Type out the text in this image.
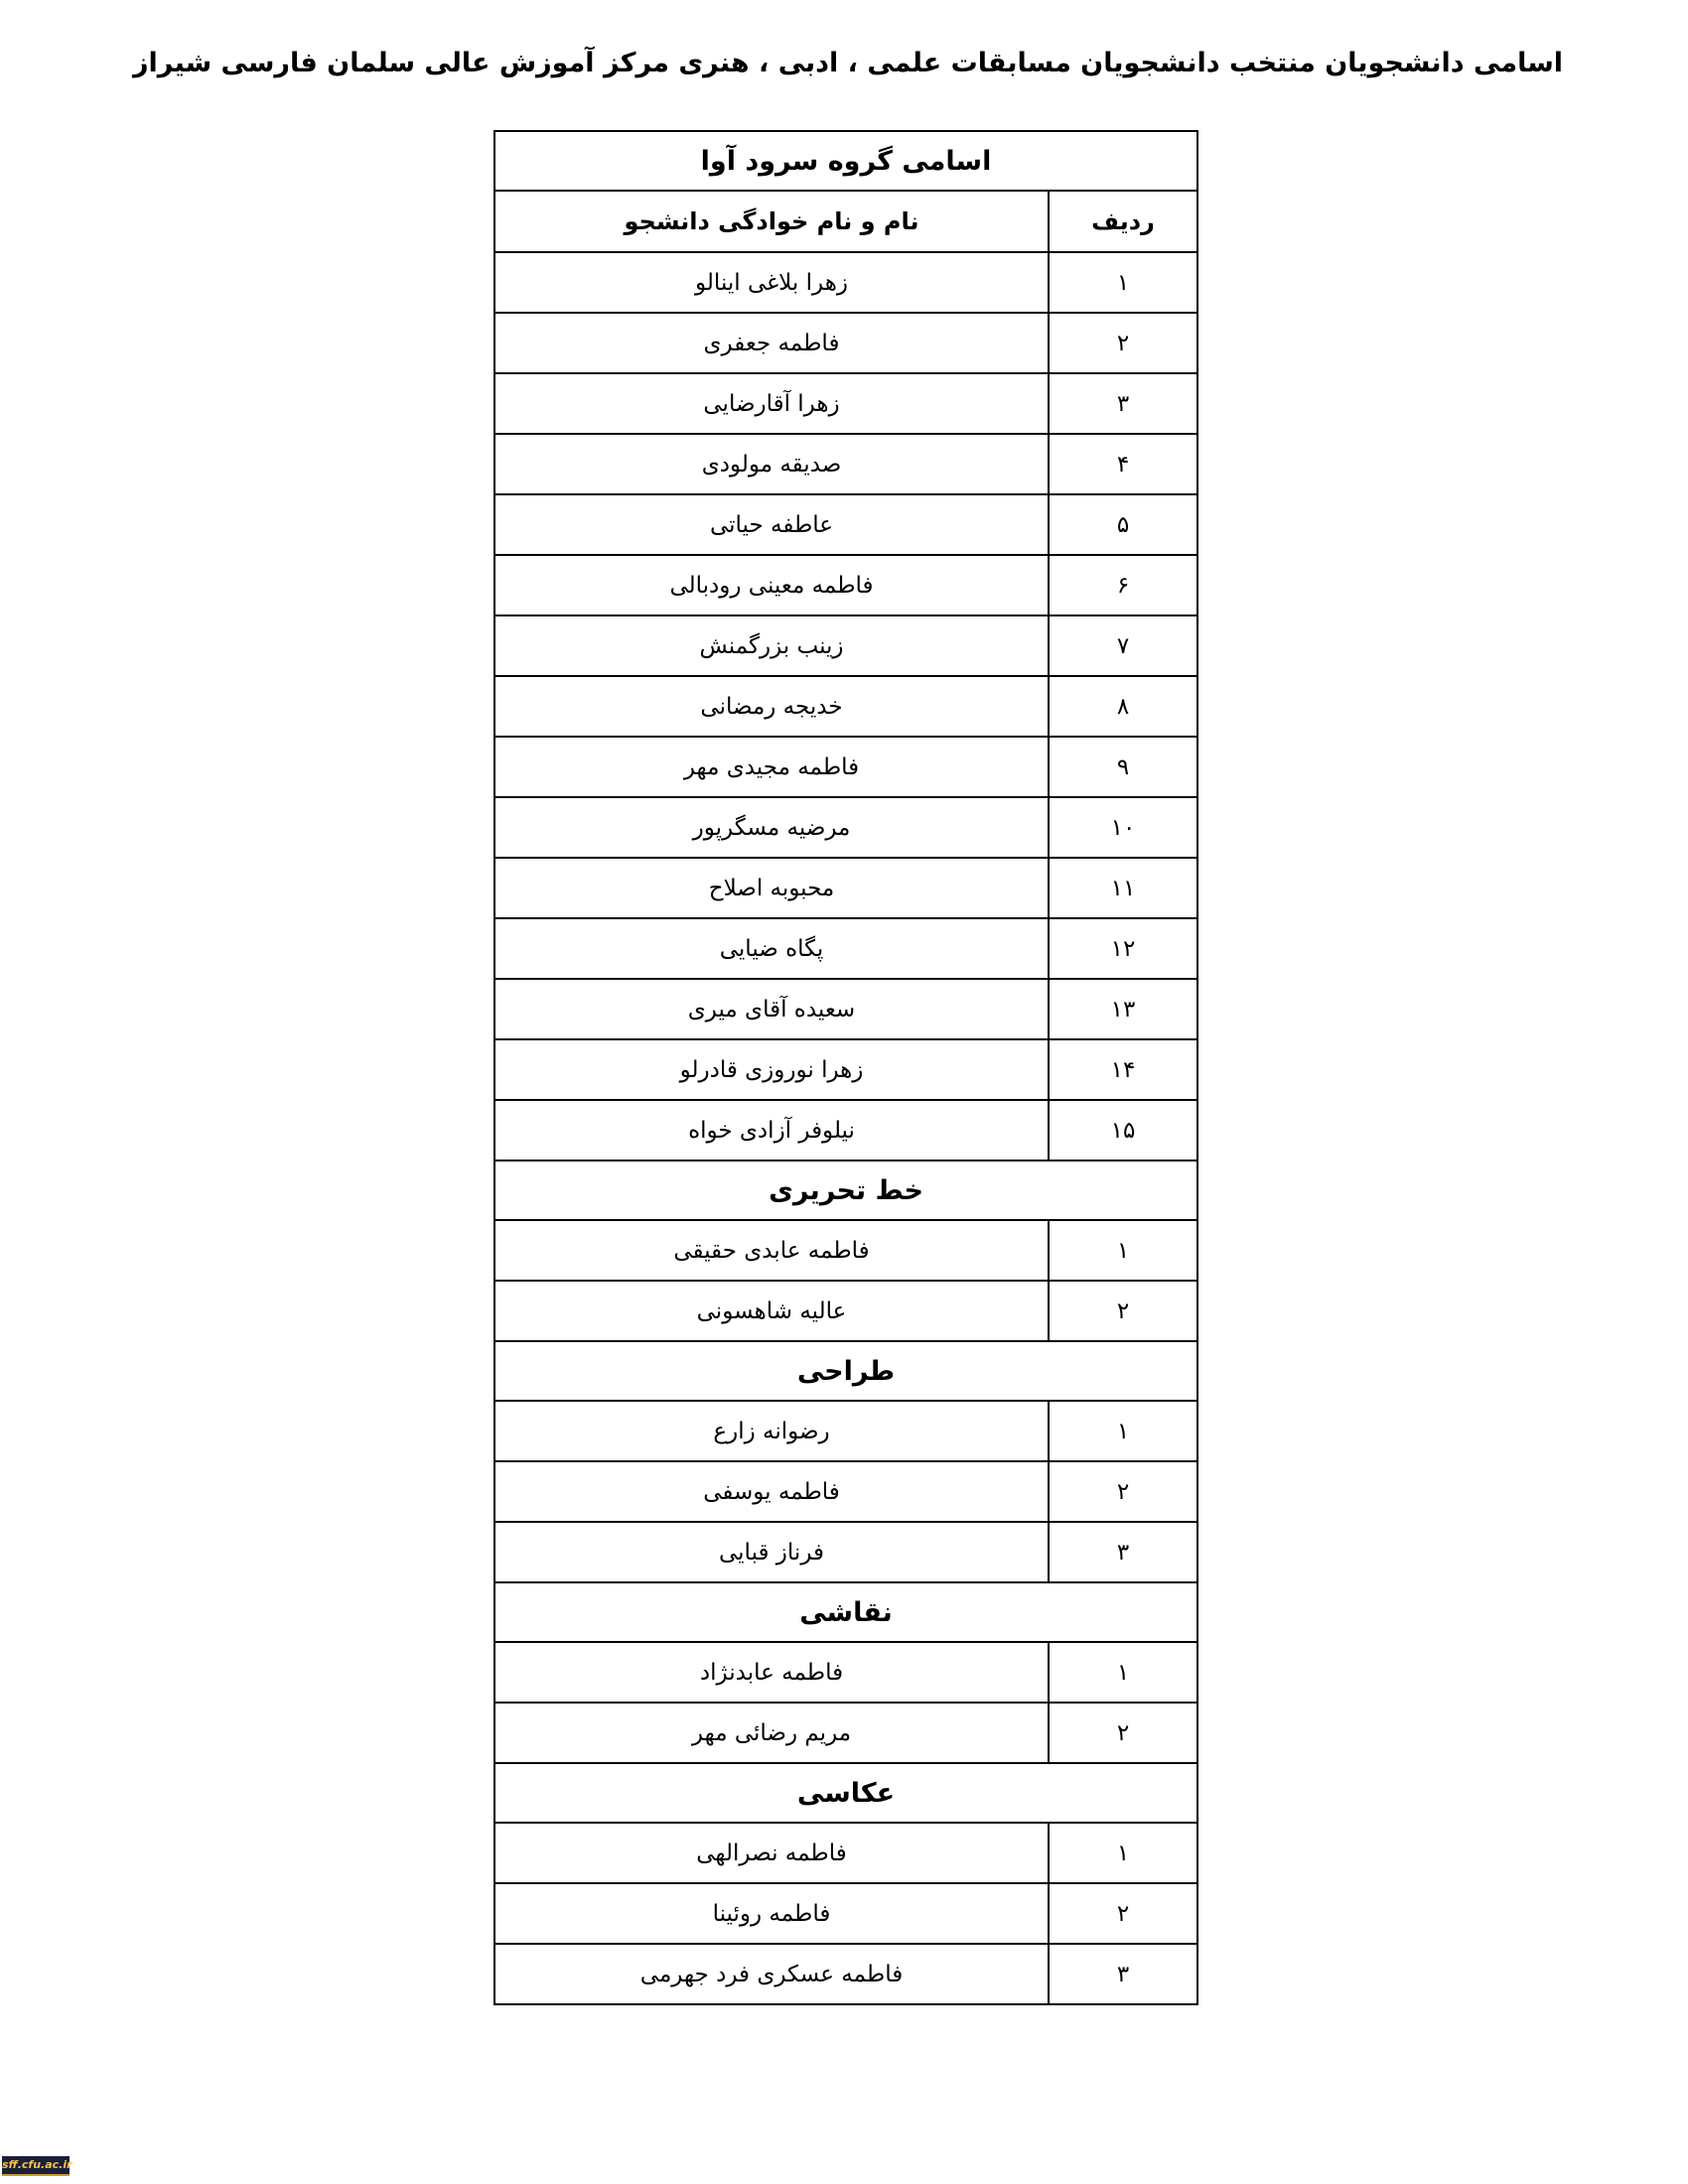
اسامی دانشجویان منتخب دانشجویان مسابقات علمی ، ادبی ، هنری مرکز آموزش عالی سلمان فارسی شیراز
اسامی گروه سرود آوا	
ردیف	نام و نام خوادگی دانشجو
۱	زهرا بلاغی اینالو
۲	فاطمه جعفری
۳	زهرا آقارضایی
۴	صدیقه مولودی
۵	عاطفه حیاتی
۶	فاطمه معینی رودبالی
۷	زینب بزرگمنش
۸	خدیجه رمضانی
۹	فاطمه مجیدی مهر
۱۰	مرضیه مسگرپور
۱۱	محبوبه اصلاح
۱۲	پگاه ضیایی
۱۳	سعیده آقای میری
۱۴	زهرا نوروزی قادرلو
۱۵	نیلوفر آزادی خواه
خط تحریری	
۱	فاطمه عابدی حقیقی
۲	عالیه شاهسونی
طراحی	
۱	رضوانه زارع
۲	فاطمه یوسفی
۳	فرناز قبایی
نقاشی	
۱	فاطمه عابدنژاد
۲	مریم رضائی مهر
عکاسی	
۱	فاطمه نصرالهی
۲	فاطمه روئینا
۳	فاطمه عسکری فرد جهرمی
sff.cfu.ac.ir
